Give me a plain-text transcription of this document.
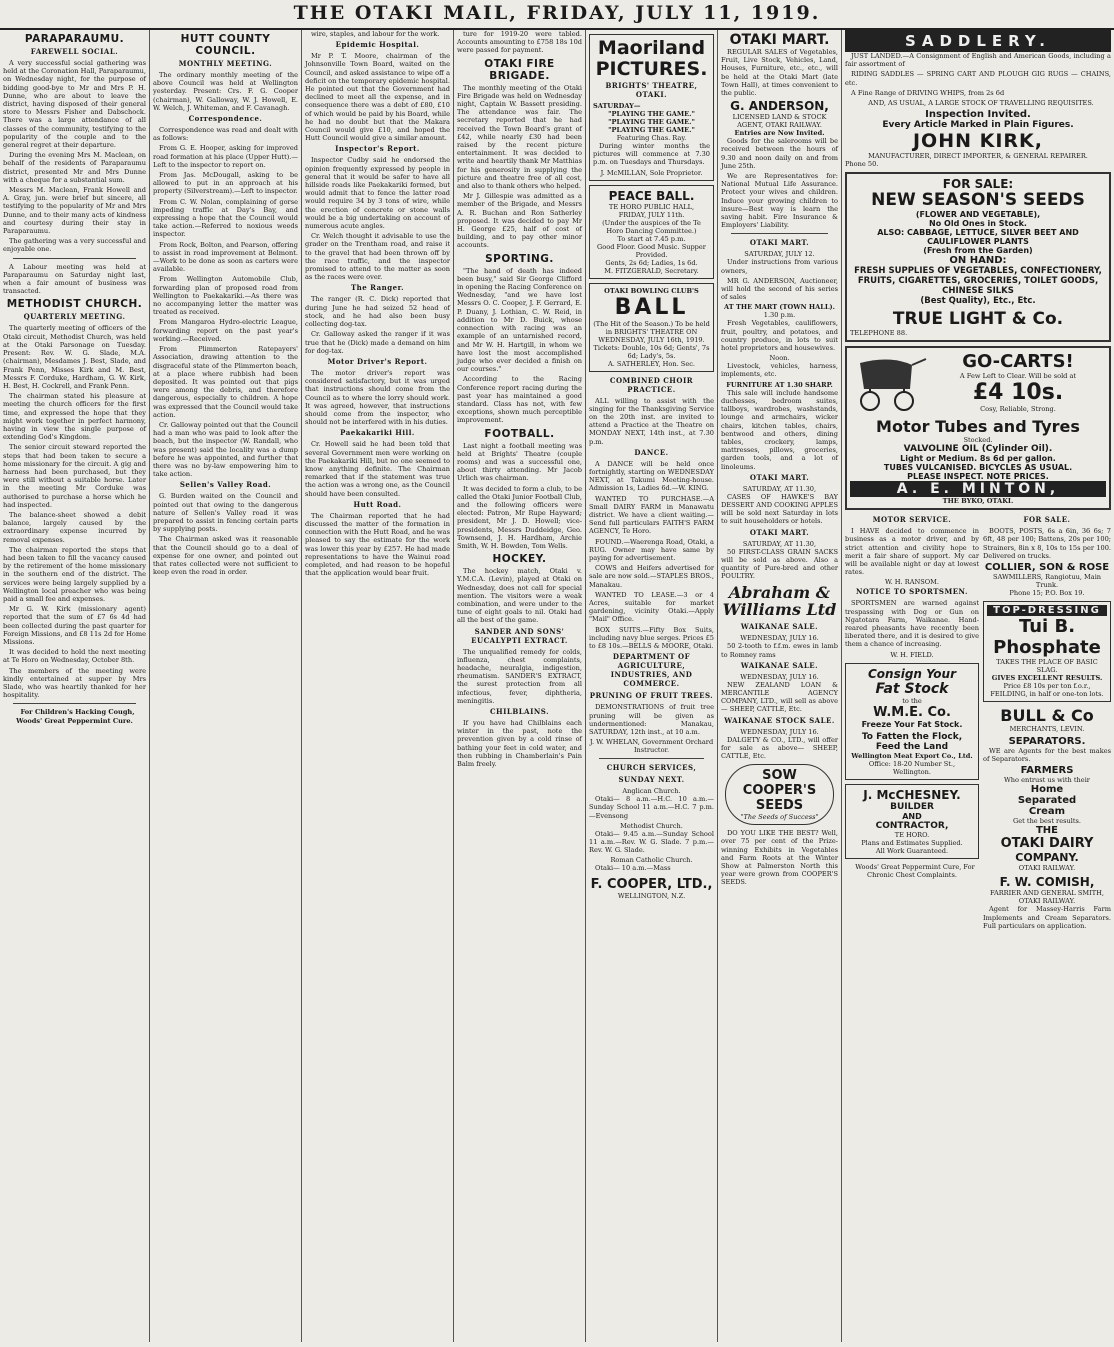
THE OTAKI MAIL, FRIDAY, JULY 11, 1919.
PARAPARAUMU.
FAREWELL SOCIAL.

A very successful social gathering was held at the Coronation Hall, Paraparaumu, on Wednesday night, for the purpose of bidding good-bye to Mr and Mrs P. H. Dunne, who are about to leave the district, having disposed of their general store to Messrs Fisher and Dabschock. There was a large attendance of all classes of the community, testifying to the popularity of the couple and to the general regret at their departure.

During the evening Mrs M. Maclean, on behalf of the residents of Paraparaumu district, presented Mr and Mrs Dunne with a cheque for a substantial sum.

Messrs M. Maclean, Frank Howell and A. Gray, jun. were brief but sincere, all testifying to the popularity of Mr and Mrs Dunne, and to their many acts of kindness and courtesy during their stay in Paraparaumu.

The gathering was a very successful and enjoyable one.

A Labour meeting was held at Paraparaumu on Saturday night last, when a fair amount of business was transacted.

METHODIST CHURCH.
QUARTERLY MEETING.

The quarterly meeting of officers of the Otaki circuit, Methodist Church, was held at the Otaki Parsonage on Tuesday. Present: Rev. W. G. Slade, M.A. (chairman), Mesdames J. Best, Slade, and Frank Penn, Misses Kirk and M. Best, Messrs F. Corduke, Hardham, G. W. Kirk, H. Best, H. Cockrell, and Frank Penn.

The chairman stated his pleasure at meeting the church officers for the first time, and expressed the hope that they might work together in perfect harmony, having in view the single purpose of extending God's Kingdom.

The senior circuit steward reported the steps that had been taken to secure a home missionary for the circuit. A gig and harness had been purchased, but they were still without a suitable horse. Later in the meeting Mr Corduke was authorised to purchase a horse which he had inspected.

The balance-sheet showed a debit balance, largely caused by the extraordinary expense incurred by removal expenses.

The chairman reported the steps that had been taken to fill the vacancy caused by the retirement of the home missionary in the southern end of the district. The services were being largely supplied by a Wellington local preacher who was being paid a small fee and expenses.

Mr G. W. Kirk (missionary agent) reported that the sum of £7 6s 4d had been collected during the past quarter for Foreign Missions, and £8 11s 2d for Home Missions.

It was decided to hold the next meeting at Te Horo on Wednesday, October 8th.

The members of the meeting were kindly entertained at supper by Mrs Slade, who was heartily thanked for her hospitality.

For Children's Hacking Cough, Woods' Great Peppermint Cure.

HUTT COUNTY COUNCIL.
MONTHLY MEETING.

The ordinary monthly meeting of the above Council was held at Wellington yesterday. Present: Crs. F. G. Cooper (chairman), W. Galloway, W. J. Howell, E. W. Welch, J. Whiteman, and F. Cavanagh.

Correspondence.

Correspondence was read and dealt with as follows:

From G. E. Hooper, asking for improved road formation at his place (Upper Hutt).—Left to the inspector to report on.

From Jas. McDougall, asking to be allowed to put in an approach at his property (Silverstream).—Left to inspector.

From C. W. Nolan, complaining of gorse impeding traffic at Day's Bay, and expressing a hope that the Council would take action.—Referred to noxious weeds inspector.

From Rock, Bolton, and Pearson, offering to assist in road improvement at Belmont.—Work to be done as soon as carters were available.

From Wellington Automobile Club, forwarding plan of proposed road from Wellington to Paekakariki.—As there was no accompanying letter the matter was treated as received.

From Mangaroa Hydro-electric League, forwarding report on the past year's working.—Received.

From Plimmerton Ratepayers' Association, drawing attention to the disgraceful state of the Plimmerton beach, at a place where rubbish had been deposited. It was pointed out that pigs were among the debris, and therefore dangerous, especially to children. A hope was expressed that the Council would take action.

Cr. Galloway pointed out that the Council had a man who was paid to look after the beach, but the inspector (W. Randall, who was present) said the locality was a dump before he was appointed, and further that there was no by-law empowering him to take action.

Sellen's Valley Road.

G. Burden waited on the Council and pointed out that owing to the dangerous nature of Sellen's Valley road it was prepared to assist in fencing certain parts by supplying posts.

The Chairman asked was it reasonable that the Council should go to a deal of expense for one owner, and pointed out that rates collected were not sufficient to keep even the road in order.

wire, staples, and labour for the work.

Epidemic Hospital.

Mr P. T. Moore, chairman of the Johnsonville Town Board, waited on the Council, and asked assistance to wipe off a deficit on the temporary epidemic hospital. He pointed out that the Government had declined to meet all the expense, and in consequence there was a debt of £80, £10 of which would be paid by his Board, while he had no doubt but that the Makara Council would give £10, and hoped the Hutt Council would give a similar amount.

Inspector's Report.

Inspector Cudby said he endorsed the opinion frequently expressed by people in general that it would be safer to have all hillside roads like Paekakariki formed, but would admit that to fence the latter road would require 34 by 3 tons of wire, while the erection of concrete or stone walls would be a big undertaking on account of numerous acute angles.

Cr. Welch thought it advisable to use the grader on the Trentham road, and raise it to the gravel that had been thrown off by the race traffic, and the inspector promised to attend to the matter as soon as the races were over.

The Ranger.

The ranger (R. C. Dick) reported that during June he had seized 52 head of stock, and he had also been busy collecting dog-tax.

Cr. Galloway asked the ranger if it was true that he (Dick) made a demand on him for dog-tax.

Motor Driver's Report.

The motor driver's report was considered satisfactory, but it was urged that instructions should come from the Council as to where the lorry should work. It was agreed, however, that instructions should come from the inspector, who should not be interfered with in his duties.

Paekakariki Hill.

Cr. Howell said he had been told that several Government men were working on the Paekakariki Hill, but no one seemed to know anything definite. The Chairman remarked that if the statement was true the action was a wrong one, as the Council should have been consulted.

Hutt Road.

The Chairman reported that he had discussed the matter of the formation in connection with the Hutt Road, and he was pleased to say the estimate for the work was lower this year by £257. He had made representations to have the Wainui road completed, and had reason to be hopeful that the application would bear fruit.

ture for 1919-20 were tabled. Accounts amounting to £758 18s 10d were passed for payment.

OTAKI FIRE BRIGADE.

The monthly meeting of the Otaki Fire Brigade was held on Wednesday night, Captain W. Bassett presiding. The attendance was fair. The secretary reported that he had received the Town Board's grant of £42, while nearly £30 had been raised by the recent picture entertainment. It was decided to write and heartily thank Mr Matthias for his generosity in supplying the picture and theatre free of all cost, and also to thank others who helped.

Mr J. Gillespie was admitted as a member of the Brigade, and Messrs A. R. Buchan and Ron Satherley proposed. It was decided to pay Mr H. George £25, half of cost of building, and to pay other minor accounts.

SPORTING.

"The hand of death has indeed been busy," said Sir George Clifford in opening the Racing Conference on Wednesday, "and we have lost Messrs O. C. Cooper, J. F. Gerrard, E. P. Duany, J. Lothian, C. W. Reid, in addition to Mr D. Buick, whose connection with racing was an example of an untarnished record, and Mr W. H. Hartgill, in whom we have lost the most accomplished judge who ever decided a finish on our courses."

According to the Racing Conference report racing during the past year has maintained a good standard. Class has not, with few exceptions, shown much perceptible improvement.

FOOTBALL.

Last night a football meeting was held at Brights' Theatre (couple rooms) and was a successful one, about thirty attending. Mr Jacob Urlich was chairman.

It was decided to form a club, to be called the Otaki Junior Football Club, and the following officers were elected: Patron, Mr Rupe Hayward; president, Mr J. D. Howell; vice-presidents, Messrs Duddeidge, Geo. Townsend, J. H. Hardham, Archie Smith, W. H. Bowden, Tom Wells.

HOCKEY.

The hockey match, Otaki v. Y.M.C.A. (Levin), played at Otaki on Wednesday, does not call for special mention. The visitors were a weak combination, and were under to the tune of eight goals to nil. Otaki had all the best of the game.

SANDER AND SONS' EUCALYPTI EXTRACT.

The unqualified remedy for colds, influenza, chest complaints, headache, neuralgia, indigestion, rheumatism. SANDER'S EXTRACT, the surest protection from all infectious, fever, diphtheria, meningitis.

CHILBLAINS.

If you have had Chilblains each winter in the past, note the prevention given by a cold rinse of bathing your feet in cold water, and then rubbing in Chamberlain's Pain Balm freely.

Maoriland PICTURES.
BRIGHTS' THEATRE, OTAKI.
SATURDAY—
"PLAYING THE GAME."
"PLAYING THE GAME."
"PLAYING THE GAME."
Featuring Chas. Ray.

During winter months the pictures will commence at 7.30 p.m. on Tuesdays and Thursdays.

J. McMILLAN, Sole Proprietor.
PEACE BALL.
TE HORO PUBLIC HALL,
FRIDAY, JULY 11th.
(Under the auspices of the Te Horo Dancing Committee.)
To start at 7.45 p.m.
Good Floor. Good Music. Supper Provided.
Gents, 2s 6d; Ladies, 1s 6d.
M. FITZGERALD, Secretary.
OTAKI BOWLING CLUB'S
BALL
(The Hit of the Season.) To be held in BRIGHTS' THEATRE ON WEDNESDAY, JULY 16th, 1919.
Tickets: Double, 10s 6d; Gents', 7s 6d; Lady's, 5s.
A. SATHERLEY, Hon. Sec.
COMBINED CHOIR PRACTICE.

ALL willing to assist with the singing for the Thanksgiving Service on the 20th inst. are invited to attend a Practice at the Theatre on MONDAY NEXT, 14th inst., at 7.30 p.m.

DANCE.

A DANCE will be held once fortnightly, starting on WEDNESDAY NEXT, at Takumi Meeting-house. Admission 1s, Ladies 6d.—W. KING.

WANTED TO PURCHASE.—A Small DAIRY FARM in Manawatu district. We have a client waiting.—Send full particulars FAITH'S FARM AGENCY, Te Horo.

FOUND.—Waerenga Road, Otaki, a RUG. Owner may have same by paying for advertisement.

COWS and Heifers advertised for sale are now sold.—STAPLES BROS., Manakau.

WANTED TO LEASE.—3 or 4 Acres, suitable for market gardening, vicinity Otaki.—Apply "Mail" Office.

BOX SUITS.—Fifty Box Suits, including navy blue serges. Prices £5 to £8 10s.—BELLS & MOORE, Otaki.

DEPARTMENT OF AGRICULTURE, INDUSTRIES, AND COMMERCE.
PRUNING OF FRUIT TREES.

DEMONSTRATIONS of fruit tree pruning will be given as undermentioned: Manakau, SATURDAY, 12th inst., at 10 a.m.

J. W. WHELAN, Government Orchard Instructor.
CHURCH SERVICES,
SUNDAY NEXT.
Anglican Church.

Otaki— 8 a.m.—H.C. 10 a.m.—Sunday School 11 a.m.—H.C. 7 p.m.—Evensong

Methodist Church.

Otaki— 9.45 a.m.—Sunday School 11 a.m.—Rev. W. G. Slade. 7 p.m.—Rev. W. G. Slade.

Roman Catholic Church.

Otaki— 10 a.m.—Mass

F. COOPER, LTD.,
WELLINGTON, N.Z.
OTAKI MART.

REGULAR SALES of Vegetables, Fruit, Live Stock, Vehicles, Land, Houses, Furniture, etc., etc., will be held at the Otaki Mart (late Town Hall), at times convenient to the public.

G. ANDERSON,
LICENSED LAND & STOCK AGENT, OTAKI RAILWAY.
Entries are Now Invited.

Goods for the salerooms will be received between the hours of 9.30 and noon daily on and from June 25th.

We are Representatives for: National Mutual Life Assurance. Protect your wives and children. Induce your growing children to insure—Best way is learn the saving habit. Fire Insurance & Employers' Liability.

OTAKI MART.
SATURDAY, JULY 12.

Under instructions from various owners,

MR G. ANDERSON, Auctioneer, will hold the second of his series of sales

AT THE MART (TOWN HALL).
1.30 p.m.

Fresh Vegetables, cauliflowers, fruit, poultry, and potatoes, and country produce, in lots to suit hotel proprietors and housewives.

Noon.

Livestock, vehicles, harness, implements, etc.

FURNITURE AT 1.30 SHARP.

This sale will include handsome duchesses, bedroom suites, tallboys, wardrobes, washstands, lounge and armchairs, wicker chairs, kitchen tables, chairs, bentwood and others, dining tables, crockery, lamps, mattresses, pillows, groceries, garden tools, and a lot of linoleums.

OTAKI MART.
SATURDAY, AT 11.30,

CASES OF HAWKE'S BAY DESSERT AND COOKING APPLES will be sold next Saturday in lots to suit householders or hotels.

OTAKI MART.
SATURDAY, AT 11.30,

50 FIRST-CLASS GRAIN SACKS will be sold as above. Also a quantity of Pure-bred and other POULTRY.

Abraham & Williams Ltd
WAIKANAE SALE.
WEDNESDAY, JULY 16.

50 2-tooth to f.f.m. ewes in lamb to Romney rams

WAIKANAE SALE.
WEDNESDAY, JULY 16.

NEW ZEALAND LOAN & MERCANTILE AGENCY COMPANY, LTD., will sell as above— SHEEP, CATTLE, Etc.

WAIKANAE STOCK SALE.
WEDNESDAY, JULY 16.

DALGETY & CO., LTD., will offer for sale as above— SHEEP, CATTLE, Etc.

SOW COOPER'S SEEDS
"The Seeds of Success"

DO YOU LIKE THE BEST? Well, over 75 per cent of the Prize-winning Exhibits in Vegetables and Farm Roots at the Winter Show at Palmerston North this year were grown from COOPER'S SEEDS.

SADDLERY.

JUST LANDED.—A Consignment of English and American Goods, including a fair assortment of

RIDING SADDLES — SPRING CART AND PLOUGH GIG RUGS — CHAINS, etc.

A Fine Range of DRIVING WHIPS, from 2s 6d

AND, AS USUAL, A LARGE STOCK OF TRAVELLING REQUISITES.

Inspection Invited.
Every Article Marked in Plain Figures.
JOHN KIRK,
MANUFACTURER, DIRECT IMPORTER, & GENERAL REPAIRER.
Phone 50.
FOR SALE:
NEW SEASON'S SEEDS
(FLOWER AND VEGETABLE),
No Old Ones in Stock.
ALSO: CABBAGE, LETTUCE, SILVER BEET AND CAULIFLOWER PLANTS
(Fresh from the Garden)
ON HAND:
FRESH SUPPLIES OF VEGETABLES, CONFECTIONERY, FRUITS, CIGARETTES, GROCERIES, TOILET GOODS, CHINESE SILKS
(Best Quality), Etc., Etc.
TRUE LIGHT & Co.
TELEPHONE 88.
GO-CARTS!
A Few Left to Clear. Will be sold at
£4 10s.
Cosy, Reliable, Strong.
Motor Tubes and Tyres
Stocked.
VALVOLINE OIL (Cylinder Oil).
Light or Medium. 8s 6d per gallon.
TUBES VULCANISED. BICYCLES AS USUAL.
PLEASE INSPECT. NOTE PRICES.
A. E. MINTON,
THE BYKO, OTAKI.
MOTOR SERVICE.

I HAVE decided to commence in business as a motor driver, and by strict attention and civility hope to merit a fair share of support. My car will be available night or day at lowest rates.

W. H. RANSOM.
NOTICE TO SPORTSMEN.

SPORTSMEN are warned against trespassing with Dog or Gun on Ngatotara Farm, Waikanae. Hand-reared pheasants have recently been liberated there, and it is desired to give them a chance of increasing.

W. H. FIELD.
Consign Your
Fat Stock
to the
W.M.E. Co.
Freeze Your Fat Stock.
To Fatten the Flock,
Feed the Land
Wellington Meat Export Co., Ltd.
Office: 18-20 Number St., Wellington.
J. McCHESNEY.
BUILDER
AND
CONTRACTOR,
TE HORO.
Plans and Estimates Supplied.
All Work Guaranteed.

Woods' Great Peppermint Cure, For Chronic Chest Complaints.

FOR SALE.

BOOTS, POSTS, 6s a 6in, 36 6s; 7 6ft, 48 per 100; Battens, 20s per 100; Strainers, 8in x 8, 10s to 15s per 100. Delivered on trucks.

COLLIER, SON & ROSE
SAWMILLERS, Rangiotuu, Main Trunk.
Phone 15; P.O. Box 19.
TOP-DRESSING
Tui B.
Phosphate
TAKES THE PLACE OF BASIC SLAG.
GIVES EXCELLENT RESULTS.
Price £8 10s per ton f.o.r., FEILDING, in half or one-ton lots.
BULL & Co
MERCHANTS, LEVIN.
SEPARATORS.

WE are Agents for the best makes of Separators.

FARMERS
Who entrust us with their
Home
Separated
Cream
Get the best results.
THE
OTAKI DAIRY
COMPANY.
OTAKI RAILWAY.
F. W. COMISH,
FARRIER AND GENERAL SMITH, OTAKI RAILWAY.

Agent for Massey-Harris Farm Implements and Cream Separators. Full particulars on application.
